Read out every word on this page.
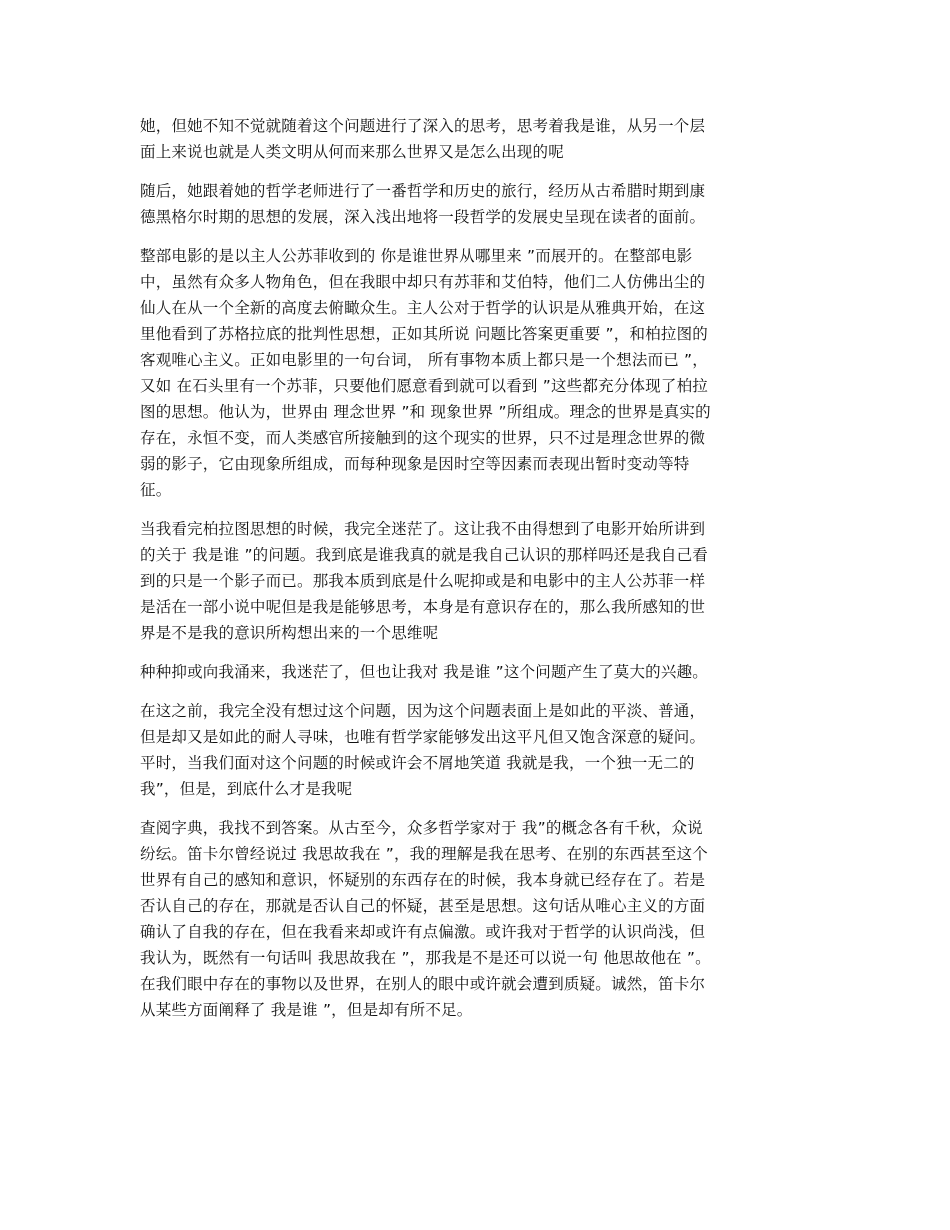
她，但她不知不觉就随着这个问题进行了深入的思考，思考着我是谁，从另一个层
面上来说也就是人类文明从何而来那么世界又是怎么出现的呢
随后，她跟着她的哲学老师进行了一番哲学和历史的旅行，经历从古希腊时期到康
德黑格尔时期的思想的发展，深入浅出地将一段哲学的发展史呈现在读者的面前。
整部电影的是以主人公苏菲收到的 你是谁世界从哪里来 ”而展开的。在整部电影
中，虽然有众多人物角色，但在我眼中却只有苏菲和艾伯特，他们二人仿佛出尘的
仙人在从一个全新的高度去俯瞰众生。主人公对于哲学的认识是从雅典开始，在这
里他看到了苏格拉底的批判性思想，正如其所说 问题比答案更重要 ”，和柏拉图的
客观唯心主义。正如电影里的一句台词， 所有事物本质上都只是一个想法而已 ”，
又如 在石头里有一个苏菲，只要他们愿意看到就可以看到 ”这些都充分体现了柏拉
图的思想。他认为，世界由 理念世界 ”和 现象世界 ”所组成。理念的世界是真实的
存在，永恒不变，而人类感官所接触到的这个现实的世界，只不过是理念世界的微
弱的影子，它由现象所组成，而每种现象是因时空等因素而表现出暂时变动等特
征。
当我看完柏拉图思想的时候，我完全迷茫了。这让我不由得想到了电影开始所讲到
的关于 我是谁 ”的问题。我到底是谁我真的就是我自己认识的那样吗还是我自己看
到的只是一个影子而已。那我本质到底是什么呢抑或是和电影中的主人公苏菲一样
是活在一部小说中呢但是我是能够思考，本身是有意识存在的，那么我所感知的世
界是不是我的意识所构想出来的一个思维呢
种种抑或向我涌来，我迷茫了，但也让我对 我是谁 ”这个问题产生了莫大的兴趣。
在这之前，我完全没有想过这个问题，因为这个问题表面上是如此的平淡、普通，
但是却又是如此的耐人寻味，也唯有哲学家能够发出这平凡但又饱含深意的疑问。
平时，当我们面对这个问题的时候或许会不屑地笑道 我就是我，一个独一无二的
我”，但是，到底什么才是我呢
查阅字典，我找不到答案。从古至今，众多哲学家对于 我”的概念各有千秋，众说
纷纭。笛卡尔曾经说过 我思故我在 ”，我的理解是我在思考、在别的东西甚至这个
世界有自己的感知和意识，怀疑别的东西存在的时候，我本身就已经存在了。若是
否认自己的存在，那就是否认自己的怀疑，甚至是思想。这句话从唯心主义的方面
确认了自我的存在，但在我看来却或许有点偏激。或许我对于哲学的认识尚浅，但
我认为，既然有一句话叫 我思故我在 ”，那我是不是还可以说一句 他思故他在 ”。
在我们眼中存在的事物以及世界，在别人的眼中或许就会遭到质疑。诚然，笛卡尔
从某些方面阐释了 我是谁 ”，但是却有所不足。
